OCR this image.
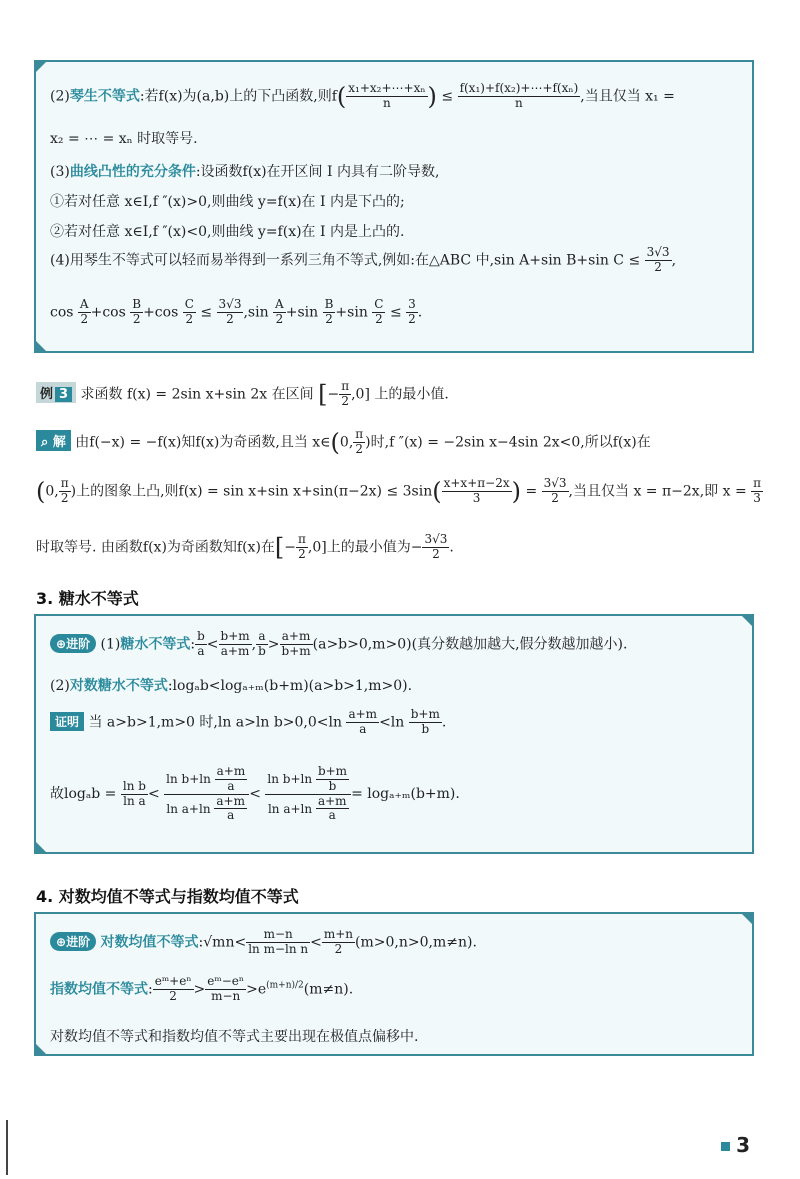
(2)琴生不等式:若f(x)为(a,b)上的下凸函数,则$f( \frac{\text{x₁+x₂+⋯+xₙ}}{n}$ ) ≤ $\frac{\text{f(x₁)+f(x₂)+⋯+f(xₙ)}}{n}$ ,当且仅当 x₁ =
x₂ = ⋯ = xₙ 时取等号.
(3)曲线凸性的充分条件:设函数f(x)在开区间 I 内具有二阶导数,
①若对任意 x∈I,f ″(x)>0,则曲线 y=f(x)在 I 内是下凸的;
②若对任意 x∈I,f ″(x)<0,则曲线 y=f(x)在 I 内是上凸的.
(4)用琴生不等式可以轻而易举得到一系列三角不等式,例如:在△ABC 中,sin A+sin B+sin $C \le \frac{3√3}{2}$ ,
$\cos \frac{A}{2} +\cos \frac{B}{2} +\cos \frac{C}{2} \le \frac{3√3}{2} ,\sin \frac{A}{2} +\sin \frac{B}{2} +\sin \frac{C}{2} \le \frac{3}{2}$ .
例 3 求函数 f(x) = 2sin x+sin 2x 在区间 [− $\frac{\pi}{2} ,0$] 上的最小值.
⌕ 解 由f(−x) = −f(x)知f(x)为奇函数,且当 x∈(0, $\frac{\pi}{2}$ )时,f ″(x) = −2sin x−4sin 2x<0,所以f(x)在
(0, $\frac{\pi}{2}$ )上的图象上凸,则f(x) = sin x+sin $x+\sin(\pi-2x) \le 3\sin( \frac{x+x+\pi-2x}{3}$ ) = $\frac{3√3}{2}$ ,当且仅当 x = π−2x,即 $x = \frac{\pi}{3}$
时取等号. 由函数f(x)为奇函数知f(x)在[− $\frac{\pi}{2} ,0$]上的最小值为− $\frac{3√3}{2}$ .
3. 糖水不等式
⊕进阶 (1)糖水不等式: $\frac{b}{a} < \frac{b+m}{a+m}$ , $\frac{a}{b} > \frac{a+m}{b+m} (a>b>0,m>0)$(真分数越加越大,假分数越加越小).
(2)对数糖水不等式:logₐb<logₐ₊ₘ(b+m)(a>b>1,m>0).
证明 当 a>b>1,m>0 时,ln a>ln $b>0,0<\ln \frac{a+m}{a} <\ln \frac{b+m}{b}$ .
故$\log_ab = \frac{\text{ln b}}{\text{ln a}} < \frac{\ln b+\ln \frac{a+m}{a}}{\ln a+\ln \frac{a+m}{a}} < \frac{\ln b+\ln \frac{b+m}{b}}{\ln a+\ln \frac{a+m}{a}} = \log_{a+m}(b+m)$.
4. 对数均值不等式与指数均值不等式
⊕进阶 对数均值不等式:√mn< $\frac{m-n}{\text{ln m−ln n}} < \frac{m+n}{2} (m>0,n>0,m\ne n)$.
指数均值不等式: $\frac{\text{eᵐ+eⁿ}}{2} > \frac{\text{eᵐ−eⁿ}}{m-n} >e^{(m+n)/2}(m\ne n)$.
对数均值不等式和指数均值不等式主要出现在极值点偏移中.
3
